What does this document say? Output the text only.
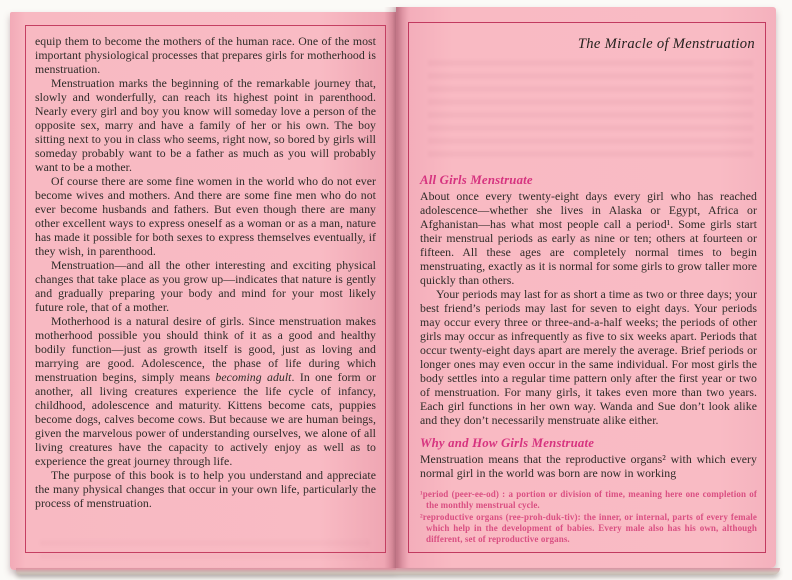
equip them to become the mothers of the human race. One of the most important physiological processes that prepares girls for motherhood is menstruation.

Menstruation marks the beginning of the remarkable journey that, slowly and wonderfully, can reach its highest point in parenthood. Nearly every girl and boy you know will someday love a person of the opposite sex, marry and have a family of her or his own. The boy sitting next to you in class who seems, right now, so bored by girls will someday probably want to be a father as much as you will probably want to be a mother.

Of course there are some fine women in the world who do not ever become wives and mothers. And there are some fine men who do not ever become husbands and fathers. But even though there are many other excellent ways to express oneself as a woman or as a man, nature has made it possible for both sexes to express themselves eventually, if they wish, in parenthood.

Menstruation—and all the other interesting and exciting physical changes that take place as you grow up—indicates that nature is gently and gradually preparing your body and mind for your most likely future role, that of a mother.

Motherhood is a natural desire of girls. Since menstruation makes motherhood possible you should think of it as a good and healthy bodily function—just as growth itself is good, just as loving and marrying are good. Adolescence, the phase of life during which menstruation begins, simply means becoming adult. In one form or another, all living creatures experience the life cycle of infancy, childhood, adolescence and maturity. Kittens become cats, puppies become dogs, calves become cows. But because we are human beings, given the marvelous power of understanding ourselves, we alone of all living creatures have the capacity to actively enjoy as well as to experience the great journey through life.

The purpose of this book is to help you understand and appreciate the many physical changes that occur in your own life, particularly the process of menstruation.

The Miracle of Menstruation
All Girls Menstruate

About once every twenty-eight days every girl who has reached adolescence—whether she lives in Alaska or Egypt, Africa or Afghanistan—has what most people call a period¹. Some girls start their menstrual periods as early as nine or ten; others at fourteen or fifteen. All these ages are completely normal times to begin menstruating, exactly as it is normal for some girls to grow taller more quickly than others.

Your periods may last for as short a time as two or three days; your best friend’s periods may last for seven to eight days. Your periods may occur every three or three-and-a-half weeks; the periods of other girls may occur as infrequently as five to six weeks apart. Periods that occur twenty-eight days apart are merely the average. Brief periods or longer ones may even occur in the same individual. For most girls the body settles into a regular time pattern only after the first year or two of menstruation. For many girls, it takes even more than two years. Each girl functions in her own way. Wanda and Sue don’t look alike and they don’t necessarily menstruate alike either.

Why and How Girls Menstruate

Menstruation means that the reproductive organs² with which every normal girl in the world was born are now in working

¹period (peer-ee-od) : a portion or division of time, meaning here one completion of the monthly menstrual cycle.

²reproductive organs (ree-proh-duk-tiv): the inner, or internal, parts of every female which help in the development of babies. Every male also has his own, although different, set of reproductive organs.
